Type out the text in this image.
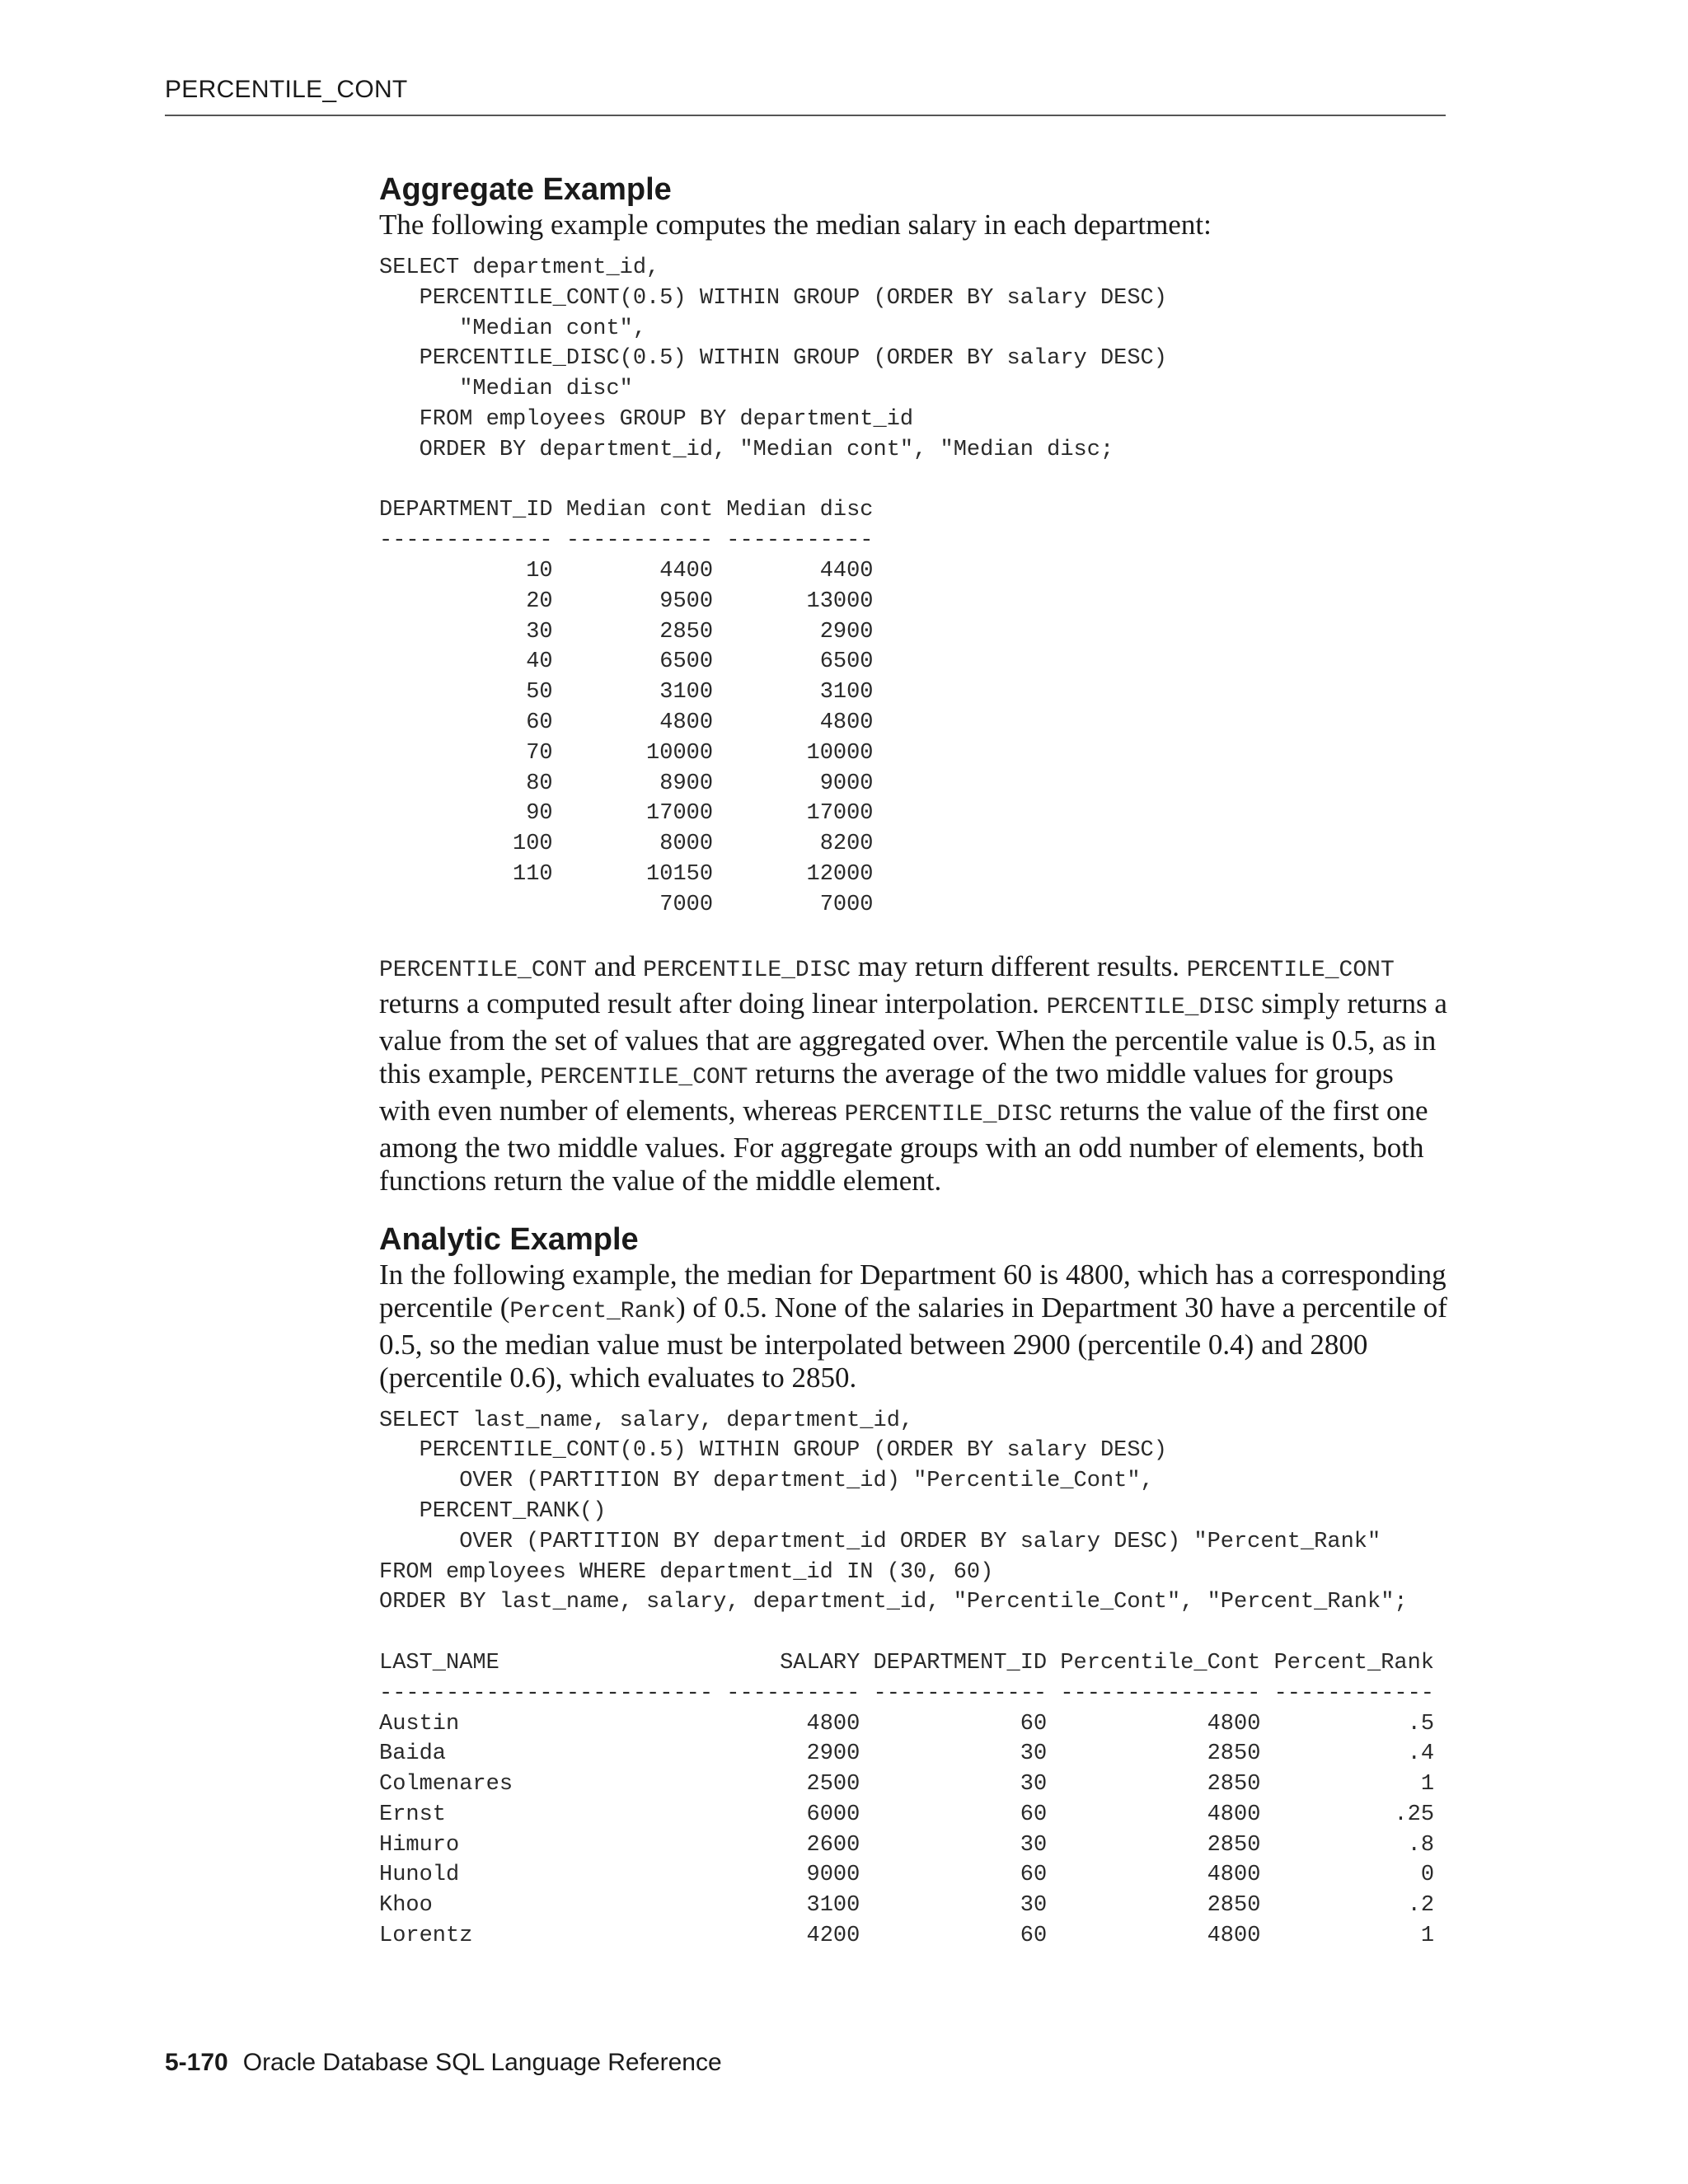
PERCENTILE_CONT
Aggregate Example

The following example computes the median salary in each department:

SELECT department_id,
PERCENTILE_CONT(0.5) WITHIN GROUP (ORDER BY salary DESC)
"Median cont",
PERCENTILE_DISC(0.5) WITHIN GROUP (ORDER BY salary DESC)
"Median disc"
FROM employees GROUP BY department_id
ORDER BY department_id, "Median cont", "Median disc;
DEPARTMENT_ID Median cont Median disc
------------- ----------- -----------
10        4400        4400
20        9500       13000
30        2850        2900
40        6500        6500
50        3100        3100
60        4800        4800
70       10000       10000
80        8900        9000
90       17000       17000
100        8000        8200
110       10150       12000
7000        7000

PERCENTILE_CONT and PERCENTILE_DISC may return different results. PERCENTILE_CONT returns a computed result after doing linear interpolation. PERCENTILE_DISC simply returns a value from the set of values that are aggregated over. When the percentile value is 0.5, as in this example, PERCENTILE_CONT returns the average of the two middle values for groups with even number of elements, whereas PERCENTILE_DISC returns the value of the first one among the two middle values. For aggregate groups with an odd number of elements, both functions return the value of the middle element.

Analytic Example

In the following example, the median for Department 60 is 4800, which has a corresponding percentile (Percent_Rank) of 0.5. None of the salaries in Department 30 have a percentile of 0.5, so the median value must be interpolated between 2900 (percentile 0.4) and 2800 (percentile 0.6), which evaluates to 2850.

SELECT last_name, salary, department_id,
PERCENTILE_CONT(0.5) WITHIN GROUP (ORDER BY salary DESC)
OVER (PARTITION BY department_id) "Percentile_Cont",
PERCENT_RANK()
OVER (PARTITION BY department_id ORDER BY salary DESC) "Percent_Rank"
FROM employees WHERE department_id IN (30, 60)
ORDER BY last_name, salary, department_id, "Percentile_Cont", "Percent_Rank";
LAST_NAME                     SALARY DEPARTMENT_ID Percentile_Cont Percent_Rank
------------------------- ---------- ------------- --------------- ------------
Austin                          4800            60            4800           .5
Baida                           2900            30            2850           .4
Colmenares                      2500            30            2850            1
Ernst                           6000            60            4800          .25
Himuro                          2600            30            2850           .8
Hunold                          9000            60            4800            0
Khoo                            3100            30            2850           .2
Lorentz                         4200            60            4800            1
5-170 Oracle Database SQL Language Reference
